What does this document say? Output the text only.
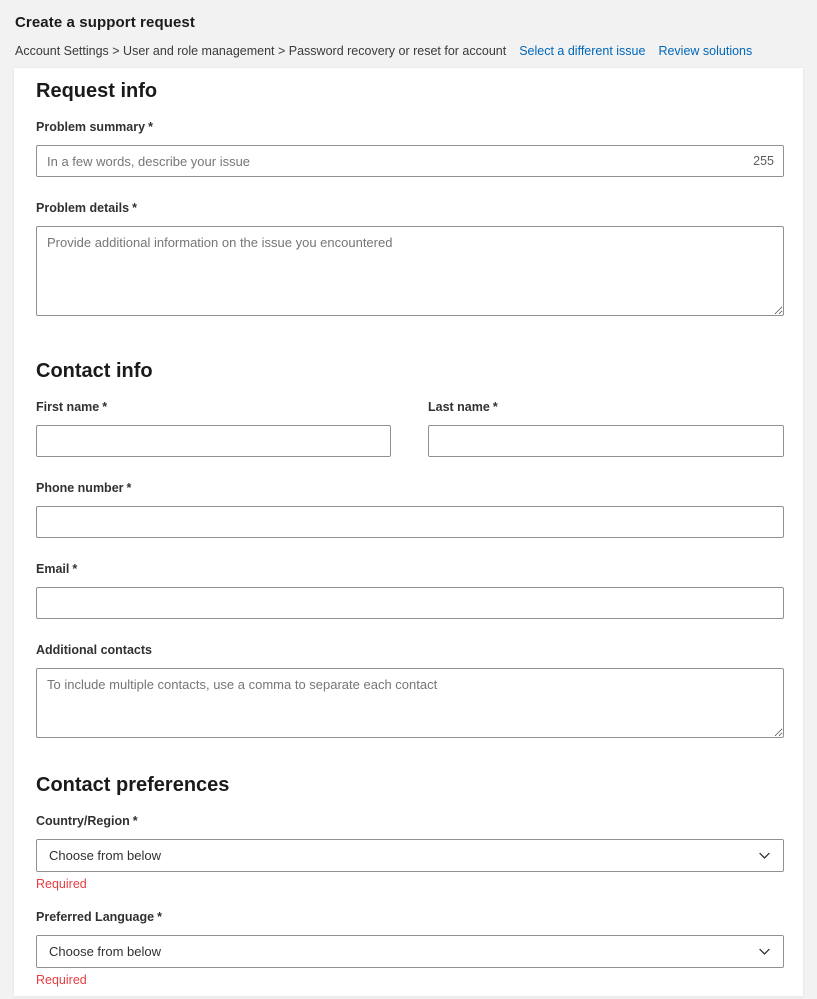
Create a support request
Account Settings > User and role management > Password recovery or reset for account Select a different issue Review solutions
Request info
Problem summary *
In a few words, describe your issue
255
Problem details *
Provide additional information on the issue you encountered
Contact info
First name *	Last name *
Phone number *
Email *
Additional contacts
To include multiple contacts, use a comma to separate each contact
Contact preferences
Country/Region *
Choose from below
Required
Preferred Language *
Choose from below
Required
